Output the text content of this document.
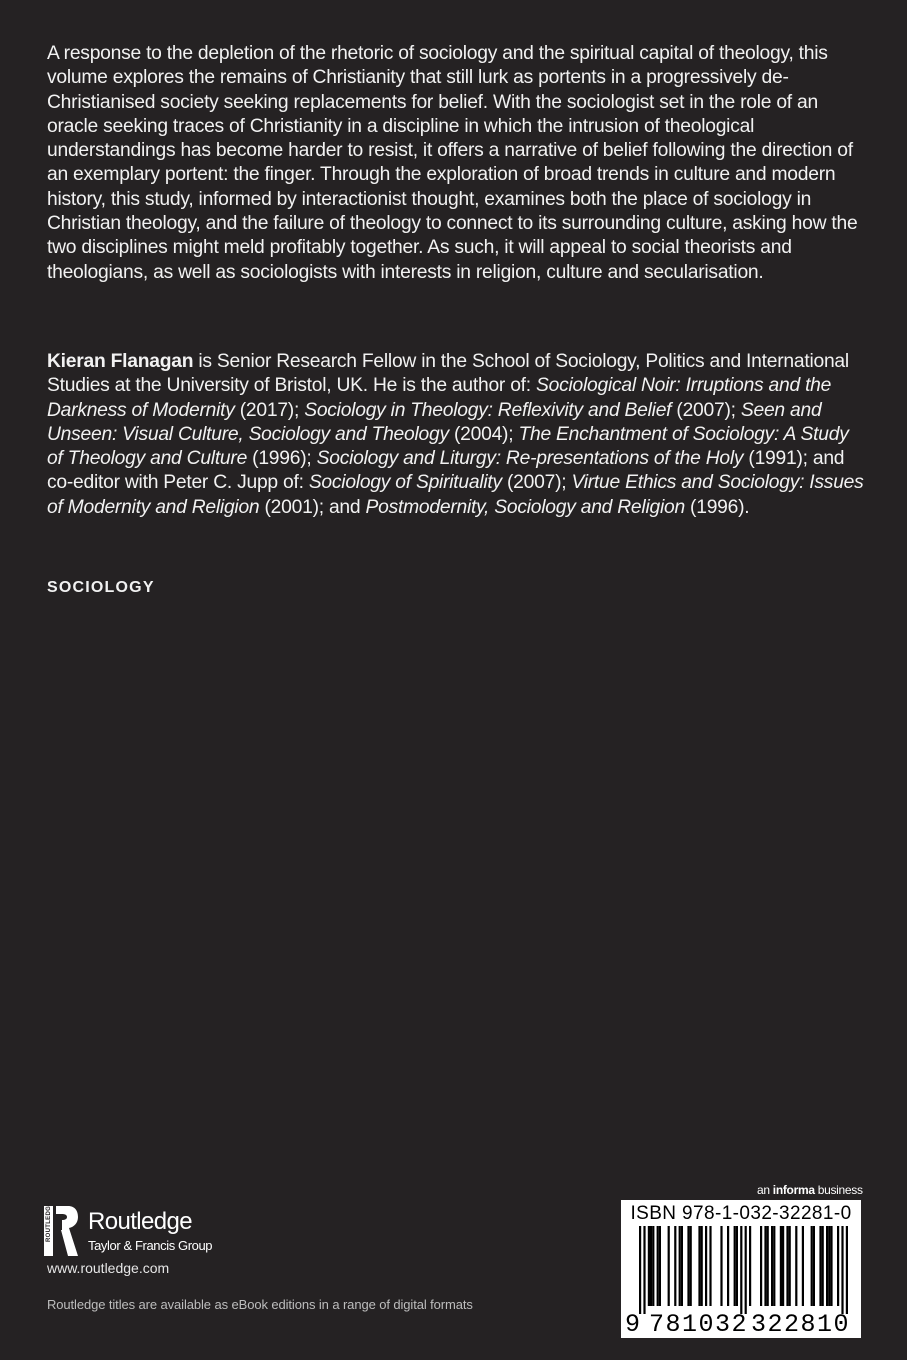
A response to the depletion of the rhetoric of sociology and the spiritual capital of theology, this volume explores the remains of Christianity that still lurk as portents in a progressively de-Christianised society seeking replacements for belief. With the sociologist set in the role of an oracle seeking traces of Christianity in a discipline in which the intrusion of theological understandings has become harder to resist, it offers a narrative of belief following the direction of an exemplary portent: the finger. Through the exploration of broad trends in culture and modern history, this study, informed by interactionist thought, examines both the place of sociology in Christian theology, and the failure of theology to connect to its surrounding culture, asking how the two disciplines might meld profitably together. As such, it will appeal to social theorists and theologians, as well as sociologists with interests in religion, culture and secularisation.

Kieran Flanagan is Senior Research Fellow in the School of Sociology, Politics and International Studies at the University of Bristol, UK. He is the author of: Sociological Noir: Irruptions and the Darkness of Modernity (2017); Sociology in Theology: Reflexivity and Belief (2007); Seen and Unseen: Visual Culture, Sociology and Theology (2004); The Enchantment of Sociology: A Study of Theology and Culture (1996); Sociology and Liturgy: Re-presentations of the Holy (1991); and co-editor with Peter C. Jupp of: Sociology of Spirituality (2007); Virtue Ethics and Sociology: Issues of Modernity and Religion (2001); and Postmodernity, Sociology and Religion (1996).

SOCIOLOGY
ROUTLEDGE Routledge
Taylor & Francis Group
www.routledge.com
Routledge titles are available as eBook editions in a range of digital formats
an informa business
ISBN 978-1-032-32281-0
9 781032 322810
